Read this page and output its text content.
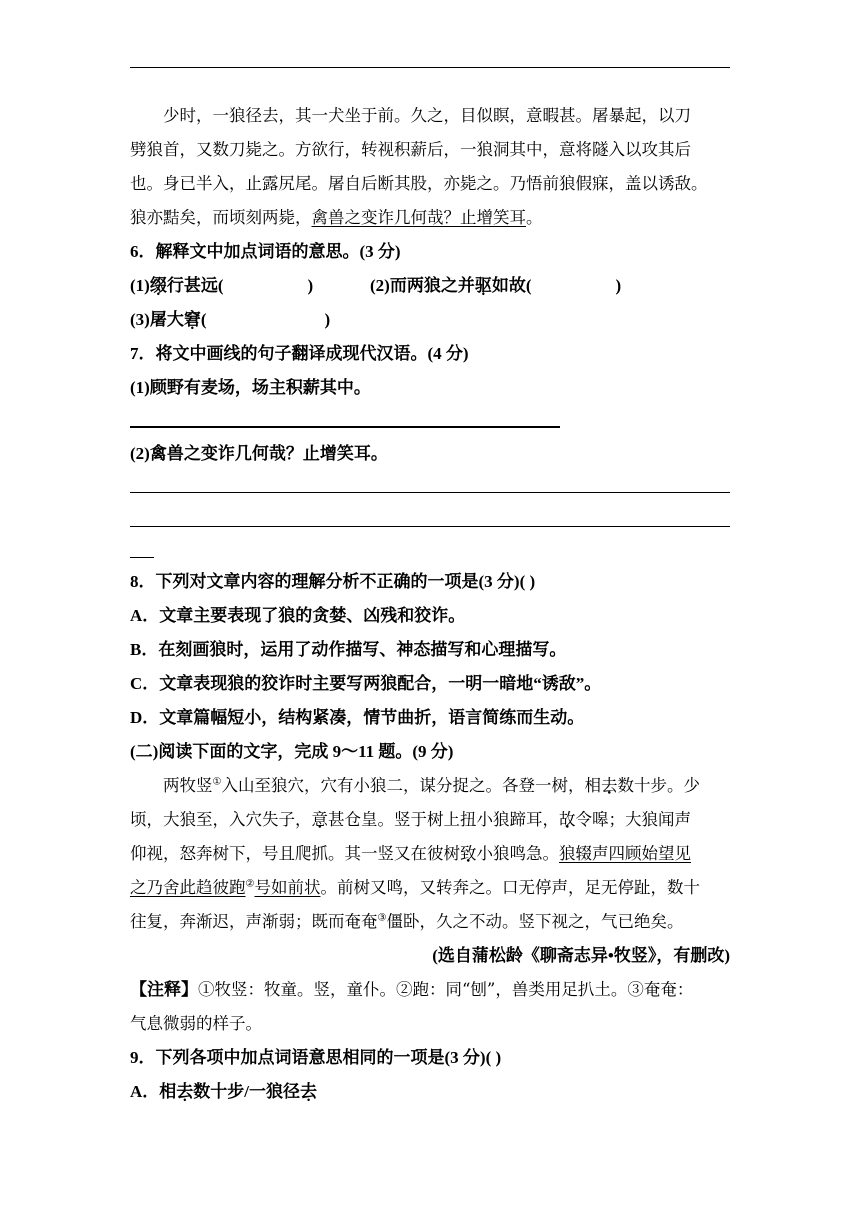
少时，一狼径去，其一犬坐于前。久之，目似瞑，意暇甚。屠暴起，以刀
劈狼首，又数刀毙之。方欲行，转视积薪后，一狼洞其中，意将隧入以攻其后
也。身已半入，止露尻尾。屠自后断其股，亦毙之。乃悟前狼假寐，盖以诱敌。
狼亦黠矣，而顷刻两毙，禽兽之变诈几何哉？止增笑耳。
6．解释文中加点词语的意思。(3 分)
(1)缀行甚远(	)	(2)而两狼之并驱如故(	)
(3)屠大窘(	)
7．将文中画线的句子翻译成现代汉语。(4 分)
(1)顾野有麦场，场主积薪其中。
(2)禽兽之变诈几何哉？止增笑耳。
8．下列对文章内容的理解分析不正确的一项是(3 分)( )
A．文章主要表现了狼的贪婪、凶残和狡诈。
B．在刻画狼时，运用了动作描写、神态描写和心理描写。
C．文章表现狼的狡诈时主要写两狼配合，一明一暗地“诱敌”。
D．文章篇幅短小，结构紧凑，情节曲折，语言简练而生动。
(二)阅读下面的文字，完成 9～11 题。(9 分)
两牧竖①入山至狼穴，穴有小狼二，谋分捉之。各登一树，相去数十步。少
顷，大狼至，入穴失子，意甚仓皇。竖于树上扭小狼蹄耳，故令嗥；大狼闻声
仰视，怒奔树下，号且爬抓。其一竖又在彼树致小狼鸣急。狼辍声四顾始望见
之乃舍此趋彼跑②号如前状。前树又鸣，又转奔之。口无停声，足无停趾，数十
往复，奔渐迟，声渐弱；既而奄奄③僵卧，久之不动。竖下视之，气已绝矣。
(选自蒲松龄《聊斋志异•牧竖》，有删改)
【注释】①牧竖：牧童。竖，童仆。②跑：同“刨”，兽类用足扒土。③奄奄：
气息微弱的样子。
9．下列各项中加点词语意思相同的一项是(3 分)( )
A．相去数十步/一狼径去
